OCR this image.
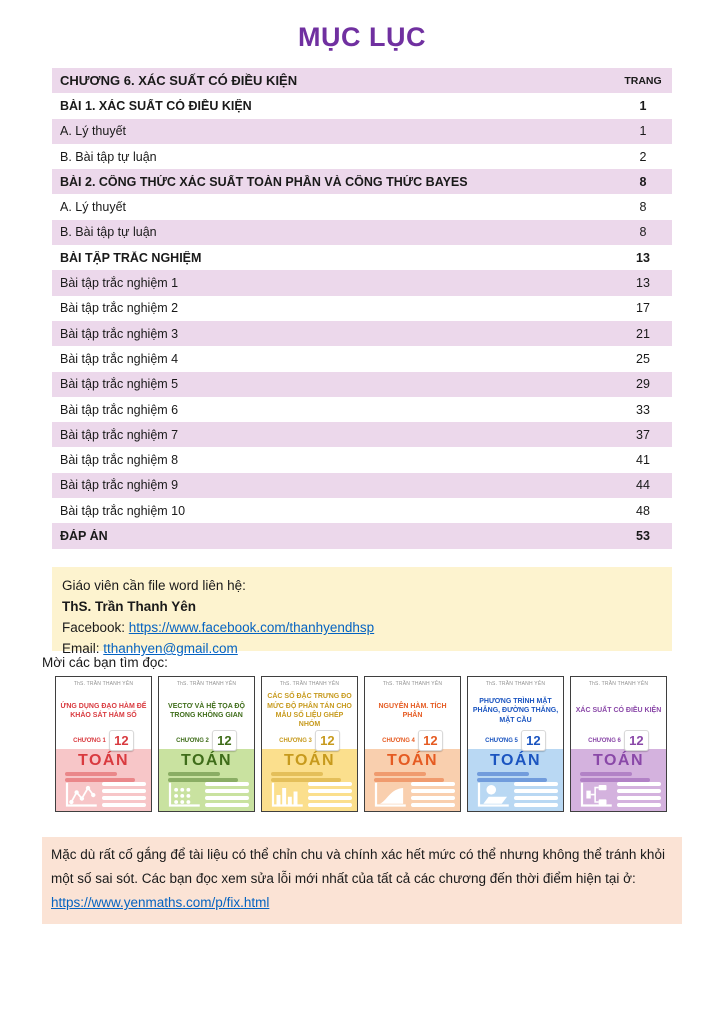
MỤC LỤC
CHƯƠNG 6. XÁC SUẤT CÓ ĐIỀU KIỆN	TRANG
BÀI 1. XÁC SUẤT CÓ ĐIỀU KIỆN	1
A. Lý thuyết	1
B. Bài tập tự luận	2
BÀI 2. CÔNG THỨC XÁC SUẤT TOÀN PHẦN VÀ CÔNG THỨC BAYES	8
A. Lý thuyết	8
B. Bài tập tự luận	8
BÀI TẬP TRẮC NGHIỆM	13
Bài tập trắc nghiệm 1	13
Bài tập trắc nghiệm 2	17
Bài tập trắc nghiệm 3	21
Bài tập trắc nghiệm 4	25
Bài tập trắc nghiệm 5	29
Bài tập trắc nghiệm 6	33
Bài tập trắc nghiệm 7	37
Bài tập trắc nghiệm 8	41
Bài tập trắc nghiệm 9	44
Bài tập trắc nghiệm 10	48
ĐÁP ÁN	53
Giáo viên cần file word liên hệ:
ThS. Trần Thanh Yên
Facebook: https://www.facebook.com/thanhyendhsp
Email: tthanhyen@gmail.com
Mời các bạn tìm đọc:
ThS. TRẦN THANH YÊN
ỨNG DỤNG ĐẠO HÀM ĐỂ KHẢO SÁT HÀM SỐ
CHƯƠNG 1 12
TOÁN
ThS. TRẦN THANH YÊN
VECTƠ VÀ HỆ TỌA ĐỘ TRONG KHÔNG GIAN
CHƯƠNG 2 12
TOÁN
ThS. TRẦN THANH YÊN
CÁC SỐ ĐẶC TRƯNG ĐO MỨC ĐỘ PHÂN TÁN CHO MẪU SỐ LIỆU GHÉP NHÓM
CHƯƠNG 3 12
TOÁN
ThS. TRẦN THANH YÊN
NGUYÊN HÀM. TÍCH PHÂN
CHƯƠNG 4 12
TOÁN
ThS. TRẦN THANH YÊN
PHƯƠNG TRÌNH MẶT PHẲNG, ĐƯỜNG THẲNG, MẶT CẦU
CHƯƠNG 5 12
TOÁN
ThS. TRẦN THANH YÊN
XÁC SUẤT CÓ ĐIỀU KIỆN
CHƯƠNG 6 12
TOÁN
Mặc dù rất cố gắng để tài liệu có thể chỉn chu và chính xác hết mức có thể nhưng không thể tránh khỏi một số sai sót. Các bạn đọc xem sửa lỗi mới nhất của tất cả các chương đến thời điểm hiện tại ở:
https://www.yenmaths.com/p/fix.html
